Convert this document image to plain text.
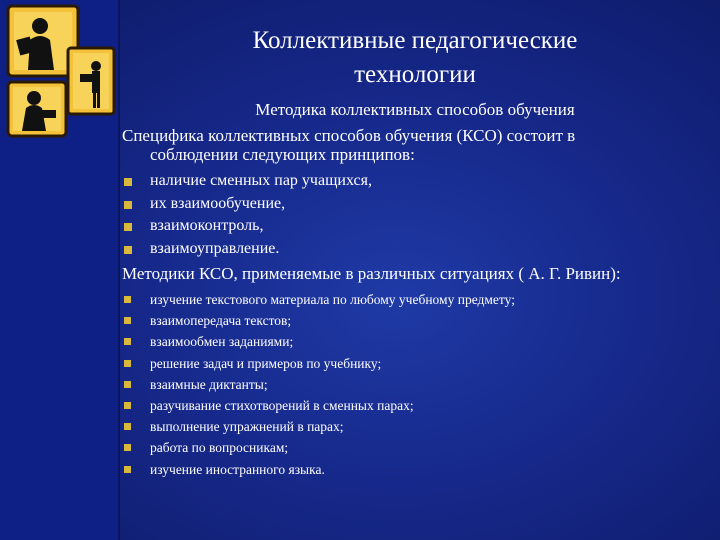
Коллективные педагогические
технологии
Методика коллективных способов обучения
Специфика коллективных способов обучения (КСО) состоит в
соблюдении следующих принципов:
наличие сменных пар учащихся,
их взаимообучение,
взаимоконтроль,
взаимоуправление.
Методики КСО, применяемые в различных ситуациях ( А. Г. Ривин):
изучение текстового материала по любому учебному предмету;
взаимопередача текстов;
взаимообмен заданиями;
решение задач и примеров по учебнику;
взаимные диктанты;
разучивание стихотворений в сменных парах;
выполнение упражнений в парах;
работа по вопросникам;
изучение иностранного языка.
